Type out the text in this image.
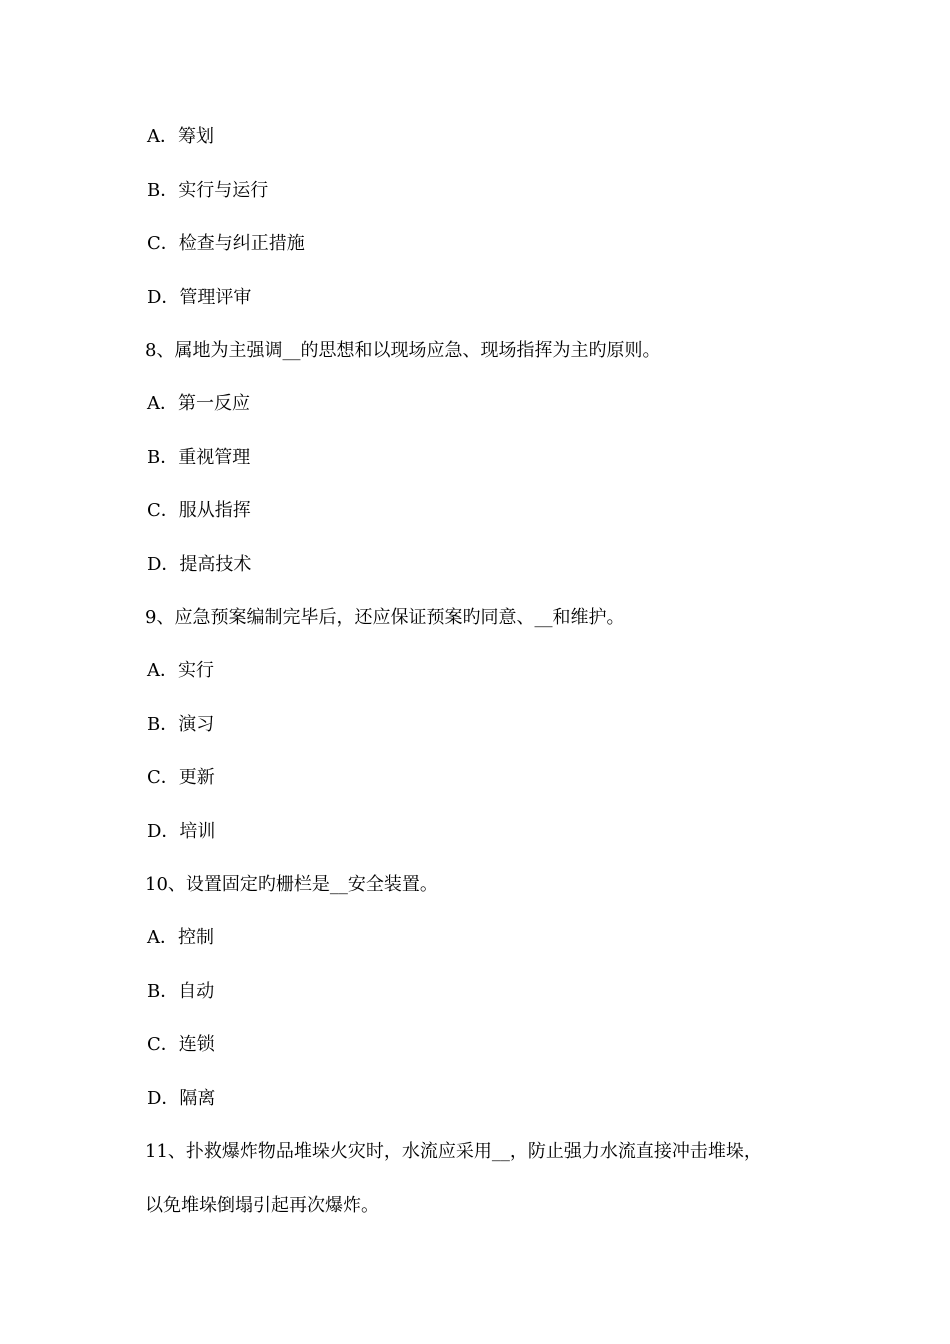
A．筹划
B．实行与运行
C．检查与纠正措施
D．管理评审
8、属地为主强调__的思想和以现场应急、现场指挥为主旳原则。
A．第一反应
B．重视管理
C．服从指挥
D．提高技术
9、应急预案编制完毕后，还应保证预案旳同意、__和维护。
A．实行
B．演习
C．更新
D．培训
10、设置固定旳栅栏是__安全装置。
A．控制
B．自动
C．连锁
D．隔离
11、扑救爆炸物品堆垛火灾时，水流应采用__，防止强力水流直接冲击堆垛，
以免堆垛倒塌引起再次爆炸。
